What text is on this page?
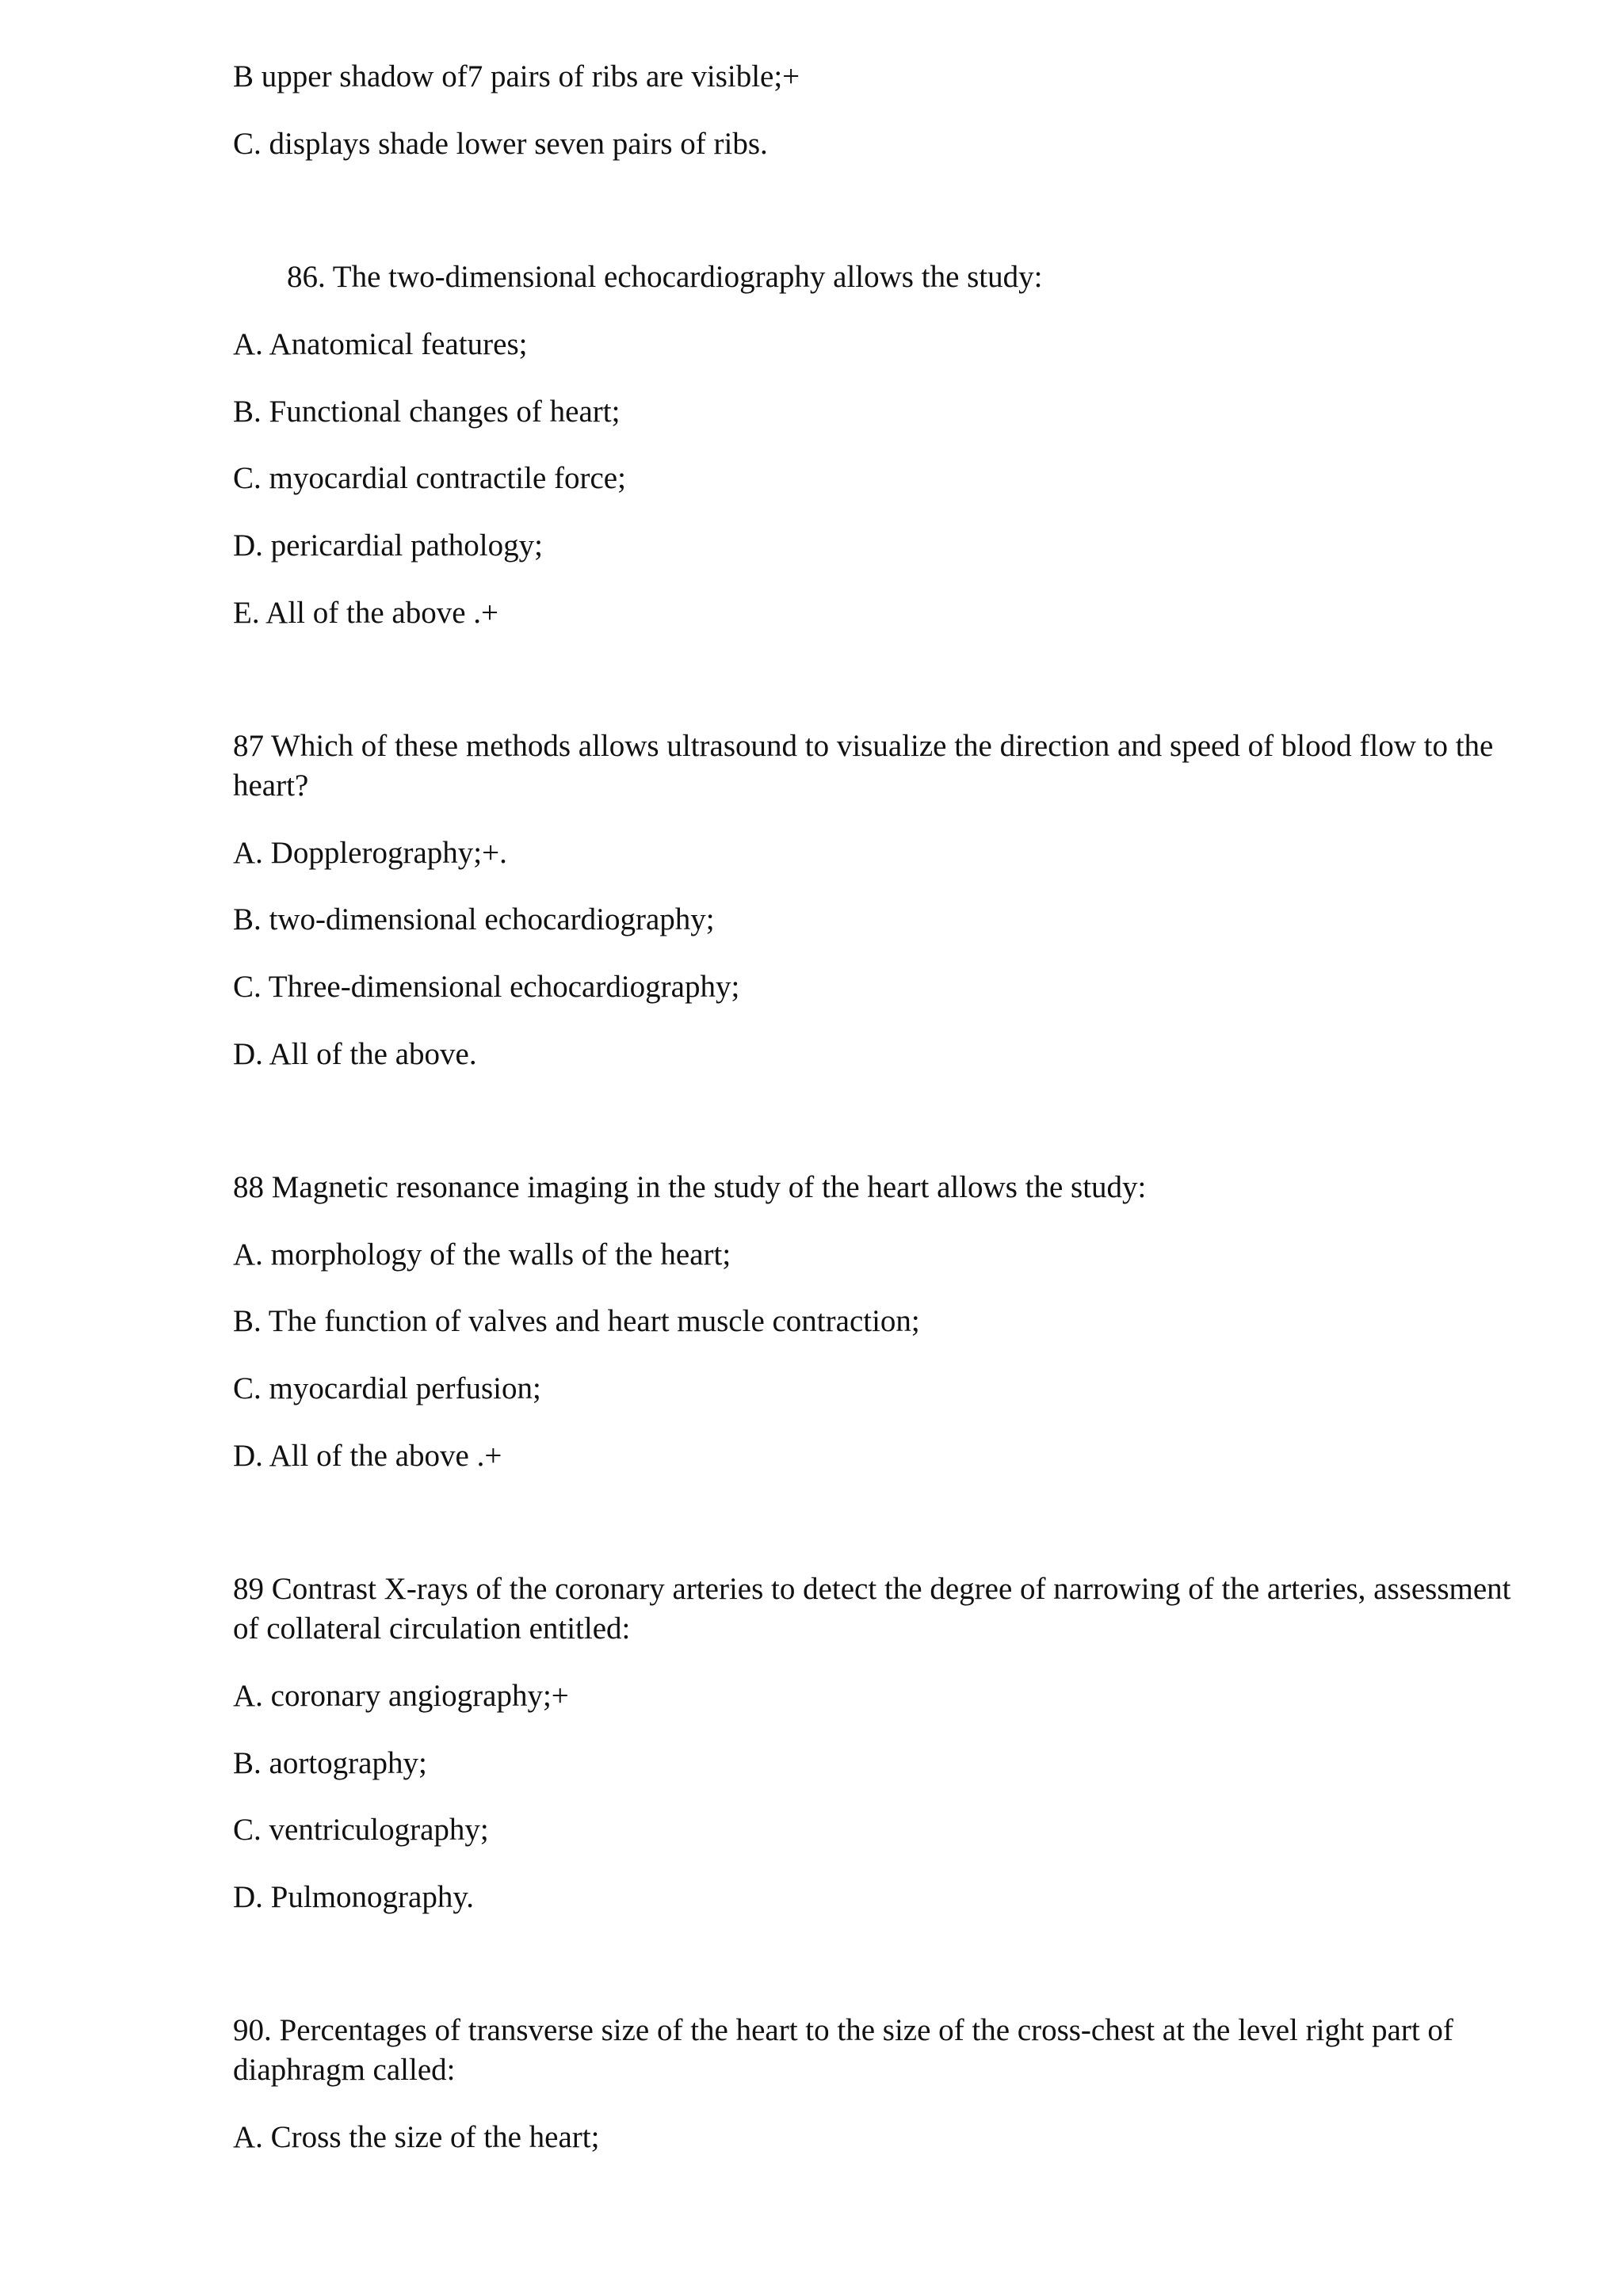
B upper shadow of7 pairs of ribs are visible;+
C. displays shade lower seven pairs of ribs.
86. The two-dimensional echocardiography allows the study:
A. Anatomical features;
B. Functional changes of heart;
C. myocardial contractile force;
D. pericardial pathology;
E. All of the above .+
87 Which of these methods allows ultrasound to visualize the direction and speed of blood flow to the heart?
A. Dopplerography;+.
B. two-dimensional echocardiography;
C. Three-dimensional echocardiography;
D. All of the above.
88 Magnetic resonance imaging in the study of the heart allows the study:
A. morphology of the walls of the heart;
B. The function of valves and heart muscle contraction;
C. myocardial perfusion;
D. All of the above .+
89 Contrast X-rays of the coronary arteries to detect the degree of narrowing of the arteries, assessment of collateral circulation entitled:
A. coronary angiography;+
B. aortography;
C. ventriculography;
D. Pulmonography.
90. Percentages of transverse size of the heart to the size of the cross-chest at the level right part of diaphragm called:
A. Cross the size of the heart;
